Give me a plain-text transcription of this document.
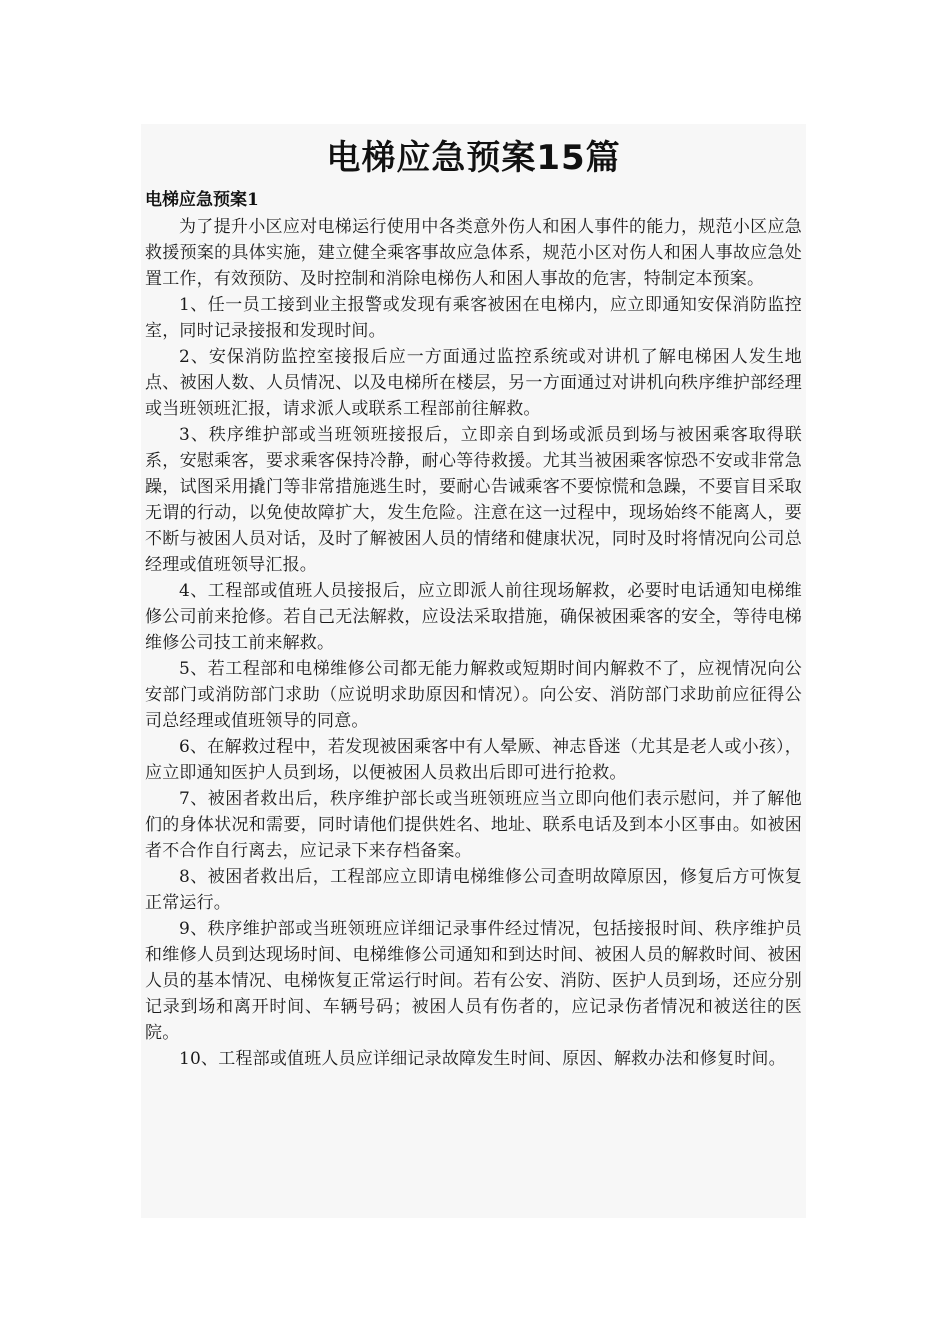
电梯应急预案15篇
电梯应急预案1

为了提升小区应对电梯运行使用中各类意外伤人和困人事件的能力，规范小区应急救援预案的具体实施，建立健全乘客事故应急体系，规范小区对伤人和困人事故应急处置工作，有效预防、及时控制和消除电梯伤人和困人事故的危害，特制定本预案。

1、任一员工接到业主报警或发现有乘客被困在电梯内，应立即通知安保消防监控室，同时记录接报和发现时间。

2、安保消防监控室接报后应一方面通过监控系统或对讲机了解电梯困人发生地点、被困人数、人员情况、以及电梯所在楼层，另一方面通过对讲机向秩序维护部经理或当班领班汇报，请求派人或联系工程部前往解救。

3、秩序维护部或当班领班接报后，立即亲自到场或派员到场与被困乘客取得联系，安慰乘客，要求乘客保持冷静，耐心等待救援。尤其当被困乘客惊恐不安或非常急躁，试图采用撬门等非常措施逃生时，要耐心告诫乘客不要惊慌和急躁，不要盲目采取无谓的行动，以免使故障扩大，发生危险。注意在这一过程中，现场始终不能离人，要不断与被困人员对话，及时了解被困人员的情绪和健康状况，同时及时将情况向公司总经理或值班领导汇报。

4、工程部或值班人员接报后，应立即派人前往现场解救，必要时电话通知电梯维修公司前来抢修。若自己无法解救，应设法采取措施，确保被困乘客的安全，等待电梯维修公司技工前来解救。

5、若工程部和电梯维修公司都无能力解救或短期时间内解救不了，应视情况向公安部门或消防部门求助（应说明求助原因和情况）。向公安、消防部门求助前应征得公司总经理或值班领导的同意。

6、在解救过程中，若发现被困乘客中有人晕厥、神志昏迷（尤其是老人或小孩），应立即通知医护人员到场，以便被困人员救出后即可进行抢救。

7、被困者救出后，秩序维护部长或当班领班应当立即向他们表示慰问，并了解他们的身体状况和需要，同时请他们提供姓名、地址、联系电话及到本小区事由。如被困者不合作自行离去，应记录下来存档备案。

8、被困者救出后，工程部应立即请电梯维修公司查明故障原因，修复后方可恢复正常运行。

9、秩序维护部或当班领班应详细记录事件经过情况，包括接报时间、秩序维护员和维修人员到达现场时间、电梯维修公司通知和到达时间、被困人员的解救时间、被困人员的基本情况、电梯恢复正常运行时间。若有公安、消防、医护人员到场，还应分别记录到场和离开时间、车辆号码；被困人员有伤者的，应记录伤者情况和被送往的医院。

10、工程部或值班人员应详细记录故障发生时间、原因、解救办法和修复时间。
